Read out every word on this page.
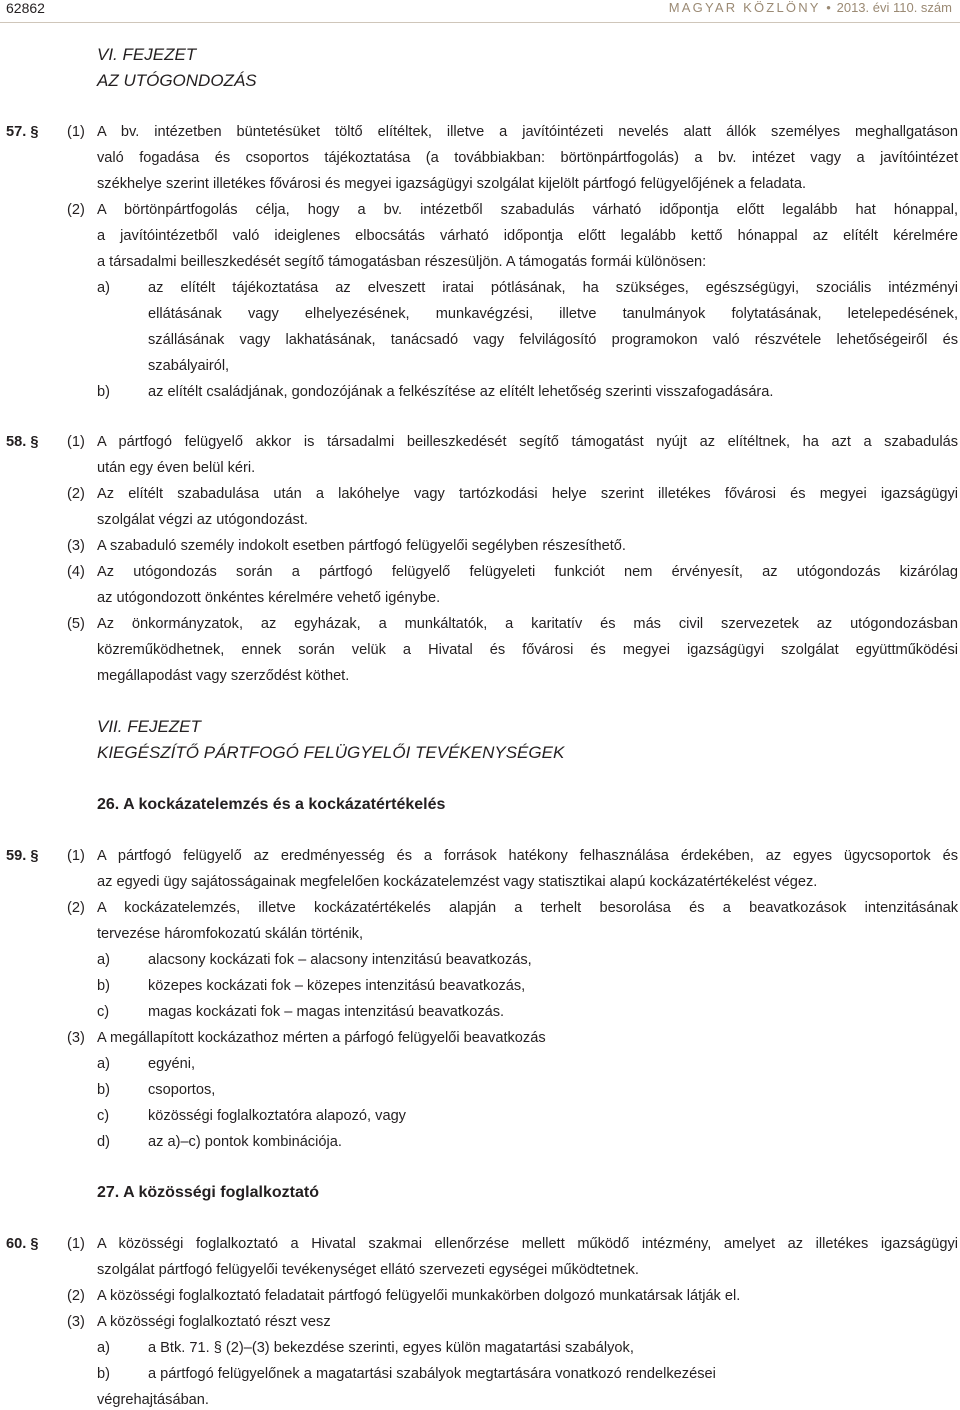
62862	MAGYAR KÖZLÖNY • 2013. évi 110. szám
VI. FEJEZET
AZ UTÓGONDOZÁS
57. § (1) A bv. intézetben büntetésüket töltő elítéltek, illetve a javítóintézeti nevelés alatt állók személyes meghallgatáson
való fogadása és csoportos tájékoztatása (a továbbiakban: börtönpártfogolás) a bv. intézet vagy a javítóintézet
székhelye szerint illetékes fővárosi és megyei igazságügyi szolgálat kijelölt pártfogó felügyelőjének a feladata.
(2) A börtönpártfogolás célja, hogy a bv. intézetből szabadulás várható időpontja előtt legalább hat hónappal,
a javítóintézetből való ideiglenes elbocsátás várható időpontja előtt legalább kettő hónappal az elítélt kérelmére
a társadalmi beilleszkedését segítő támogatásban részesüljön. A támogatás formái különösen:
a)	az elítélt tájékoztatása az elveszett iratai pótlásának, ha szükséges, egészségügyi, szociális intézményi
ellátásának vagy elhelyezésének, munkavégzési, illetve tanulmányok folytatásának, letelepedésének,
szállásának vagy lakhatásának, tanácsadó vagy felvilágosító programokon való részvétele lehetőségeiről és
szabályairól,
b)	az elítélt családjának, gondozójának a felkészítése az elítélt lehetőség szerinti visszafogadására.
58. § (1) A pártfogó felügyelő akkor is társadalmi beilleszkedését segítő támogatást nyújt az elítéltnek, ha azt a szabadulás
után egy éven belül kéri.
(2) Az elítélt szabadulása után a lakóhelye vagy tartózkodási helye szerint illetékes fővárosi és megyei igazságügyi
szolgálat végzi az utógondozást.
(3) A szabaduló személy indokolt esetben pártfogó felügyelői segélyben részesíthető.
(4) Az utógondozás során a pártfogó felügyelő felügyeleti funkciót nem érvényesít, az utógondozás kizárólag
az utógondozott önkéntes kérelmére vehető igénybe.
(5) Az önkormányzatok, az egyházak, a munkáltatók, a karitatív és más civil szervezetek az utógondozásban
közreműködhetnek, ennek során velük a Hivatal és fővárosi és megyei igazságügyi szolgálat együttműködési
megállapodást vagy szerződést köthet.
VII. FEJEZET
KIEGÉSZÍTŐ PÁRTFOGÓ FELÜGYELŐI TEVÉKENYSÉGEK
26. A kockázatelemzés és a kockázatértékelés
59. § (1) A pártfogó felügyelő az eredményesség és a források hatékony felhasználása érdekében, az egyes ügycsoportok és
az egyedi ügy sajátosságainak megfelelően kockázatelemzést vagy statisztikai alapú kockázatértékelést végez.
(2) A kockázatelemzés, illetve kockázatértékelés alapján a terhelt besorolása és a beavatkozások intenzitásának
tervezése háromfokozatú skálán történik,
a)	alacsony kockázati fok – alacsony intenzitású beavatkozás,
b)	közepes kockázati fok – közepes intenzitású beavatkozás,
c)	magas kockázati fok – magas intenzitású beavatkozás.
(3) A megállapított kockázathoz mérten a párfogó felügyelői beavatkozás
a)	egyéni,
b)	csoportos,
c)	közösségi foglalkoztatóra alapozó, vagy
d)	az a)–c) pontok kombinációja.
27. A közösségi foglalkoztató
60. § (1) A közösségi foglalkoztató a Hivatal szakmai ellenőrzése mellett működő intézmény, amelyet az illetékes igazságügyi
szolgálat pártfogó felügyelői tevékenységet ellátó szervezeti egységei működtetnek.
(2) A közösségi foglalkoztató feladatait pártfogó felügyelői munkakörben dolgozó munkatársak látják el.
(3) A közösségi foglalkoztató részt vesz
a)	a Btk. 71. § (2)–(3) bekezdése szerinti, egyes külön magatartási szabályok,
b)	a pártfogó felügyelőnek a magatartási szabályok megtartására vonatkozó rendelkezései
végrehajtásában.
